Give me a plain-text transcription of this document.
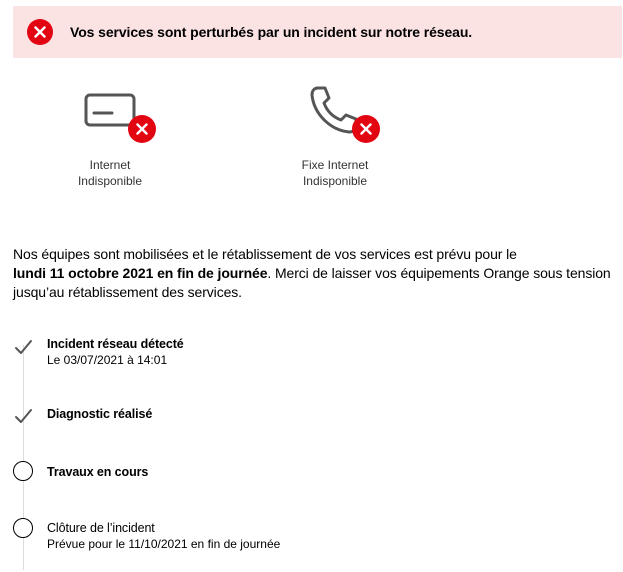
Vos services sont perturbés par un incident sur notre réseau.
Internet
Indisponible
Fixe Internet
Indisponible
Nos équipes sont mobilisées et le rétablissement de vos services est prévu pour le
lundi 11 octobre 2021 en fin de journée. Merci de laisser vos équipements Orange sous tension jusqu’au rétablissement des services.
Incident réseau détecté
Le 03/07/2021 à 14:01
Diagnostic réalisé
Travaux en cours
Clôture de l’incident
Prévue pour le 11/10/2021 en fin de journée
